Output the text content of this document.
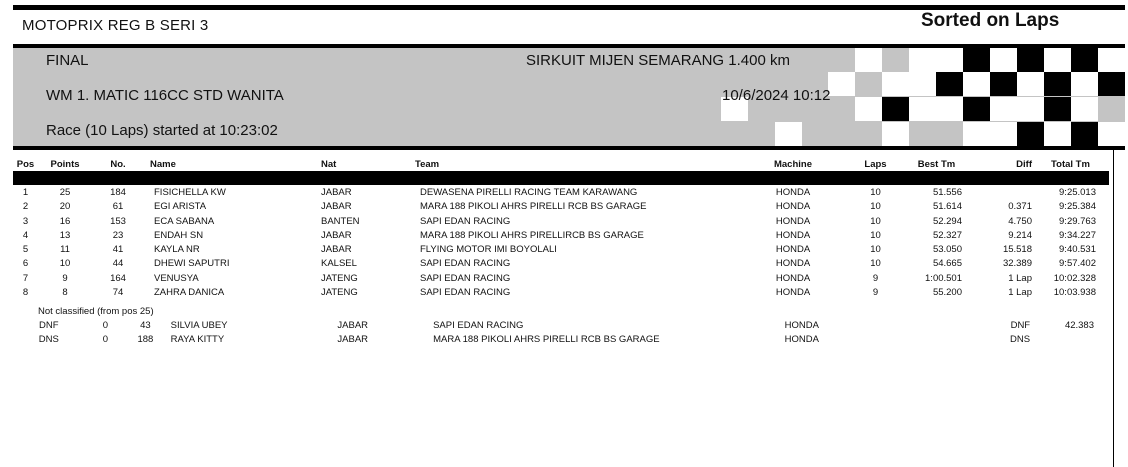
MOTOPRIX REG B SERI 3	Sorted on Laps
FINAL	SIRKUIT MIJEN SEMARANG 1.400 km
WM 1. MATIC 116CC STD WANITA
Race (10 Laps) started at 10:23:02
10/6/2024 10:12
Pos	Points	No.	Name	Nat	Team	Machine	Laps	Best Tm	Diff	Total Tm

1	25	184	FISICHELLA KW	JABAR	DEWASENA PIRELLI RACING TEAM KARAWANG	HONDA	10	51.556		9:25.013
2	20	61	EGI ARISTA	JABAR	MARA 188 PIKOLI AHRS PIRELLI RCB BS GARAGE	HONDA	10	51.614	0.371	9:25.384
3	16	153	ECA SABANA	BANTEN	SAPI EDAN RACING	HONDA	10	52.294	4.750	9:29.763
4	13	23	ENDAH SN	JABAR	MARA 188 PIKOLI AHRS PIRELLIRCB BS GARAGE	HONDA	10	52.327	9.214	9:34.227
5	11	41	KAYLA NR	JABAR	FLYING MOTOR IMI BOYOLALI	HONDA	10	53.050	15.518	9:40.531
6	10	44	DHEWI SAPUTRI	KALSEL	SAPI EDAN RACING	HONDA	10	54.665	32.389	9:57.402
7	9	164	VENUSYA	JATENG	SAPI EDAN RACING	HONDA	9	1:00.501	1 Lap	10:02.328
8	8	74	ZAHRA DANICA	JATENG	SAPI EDAN RACING	HONDA	9	55.200	1 Lap	10:03.938
Not classified (from pos 25)
DNF	0	43	SILVIA UBEY	JABAR	SAPI EDAN RACING	HONDA			DNF	42.383
DNS	0	188	RAYA KITTY	JABAR	MARA 188 PIKOLI AHRS PIRELLI RCB BS GARAGE	HONDA			DNS	
